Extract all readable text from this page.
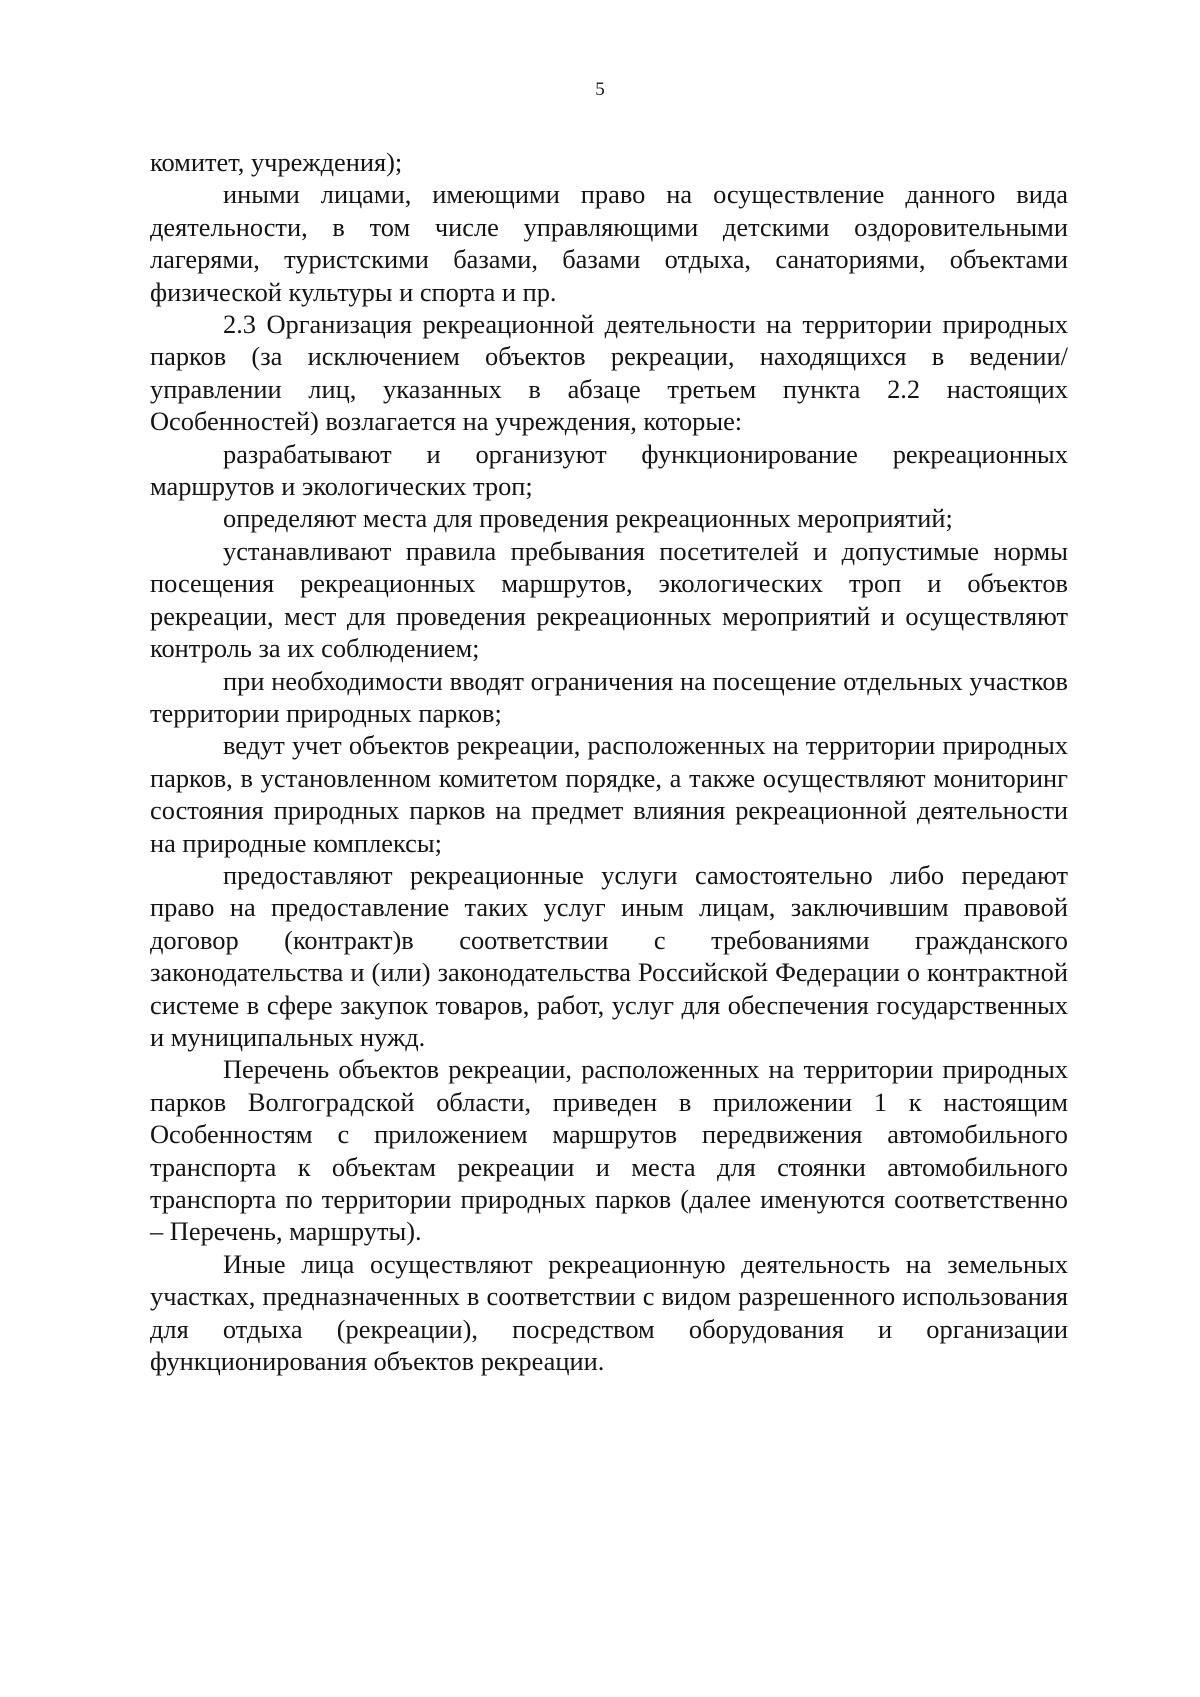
5

комитет, учреждения);

иными лицами, имеющими право на осуществление данного вида деятельности, в том числе управляющими детскими оздоровительными лагерями, туристскими базами, базами отдыха, санаториями, объектами физической культуры и спорта и пр.

2.3 Организация рекреационной деятельности на территории природных парков (за исключением объектов рекреации, находящихся в ведении/управлении лиц, указанных в абзаце третьем пункта 2.2 настоящих Особенностей) возлагается на учреждения, которые:

разрабатывают и организуют функционирование рекреационных маршрутов и экологических троп;

определяют места для проведения рекреационных мероприятий;

устанавливают правила пребывания посетителей и допустимые нормы посещения рекреационных маршрутов, экологических троп и объектов рекреации, мест для проведения рекреационных мероприятий и осуществляют контроль за их соблюдением;

при необходимости вводят ограничения на посещение отдельных участков территории природных парков;

ведут учет объектов рекреации, расположенных на территории природных парков, в установленном комитетом порядке, а также осуществляют мониторинг состояния природных парков на предмет влияния рекреационной деятельности на природные комплексы;

предоставляют рекреационные услуги самостоятельно либо передают право на предоставление таких услуг иным лицам, заключившим правовой договор (контракт)в соответствии с требованиями гражданского законодательства и (или) законодательства Российской Федерации о контрактной системе в сфере закупок товаров, работ, услуг для обеспечения государственных и муниципальных нужд.

Перечень объектов рекреации, расположенных на территории природных парков Волгоградской области, приведен в приложении 1 к настоящим Особенностям с приложением маршрутов передвижения автомобильного транспорта к объектам рекреации и места для стоянки автомобильного транспорта по территории природных парков (далее именуются соответственно – Перечень, маршруты).

Иные лица осуществляют рекреационную деятельность на земельных участках, предназначенных в соответствии с видом разрешенного использования для отдыха (рекреации), посредством оборудования и организации функционирования объектов рекреации.
